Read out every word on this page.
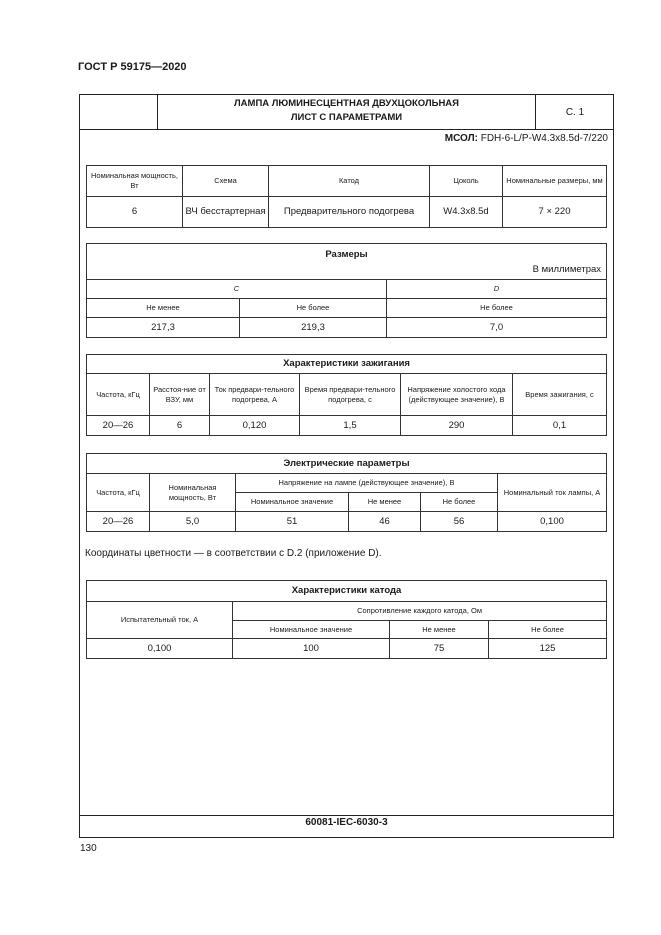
ГОСТ Р 59175—2020
ЛАМПА ЛЮМИНЕСЦЕНТНАЯ ДВУХЦОКОЛЬНАЯ
ЛИСТ С ПАРАМЕТРАМИ	С. 1
МСОЛ: FDH-6-L/P-W4.3x8.5d-7/220
Номинальная мощность, Вт	Схема	Катод	Цоколь	Номинальные размеры, мм
6	ВЧ бесстартерная	Предварительного подогрева	W4.3x8.5d	7 × 220
Размеры
В миллиметрах		

C		D
Не менее	Не более	Не более
217,3	219,3	7,0
Характеристики зажигания					
Частота, кГц	Расстоя-ние от ВЗУ, мм	Ток предвари-тельного подогрева, А	Время предвари-тельного подогрева, с	Напряжение холостого хода (действующее значение), В	Время зажигания, с
20—26	6	0,120	1,5	290	0,1
Электрические параметры					
Частота, кГц	Номинальная мощность, Вт	Напряжение на лампе (действующее значение), В			Номинальный ток лампы, А
		Номинальное значение	Не менее	Не более	
20—26	5,0	51	46	56	0,100
Координаты цветности — в соответствии с D.2 (приложение D).
Характеристики катода			
Испытательный ток, А	Сопротивление каждого катода, Ом		
	Номинальное значение	Не менее	Не более
0,100	100	75	125
60081-IEC-6030-3
130
